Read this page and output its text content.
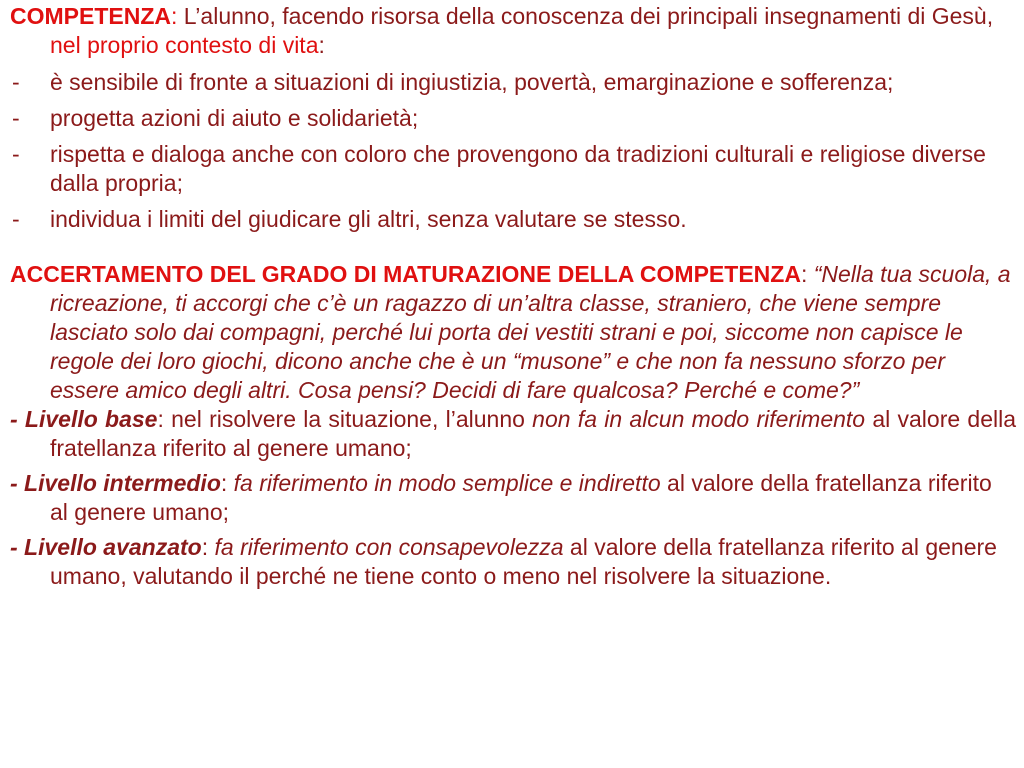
COMPETENZA: L’alunno, facendo risorsa della conoscenza dei principali insegnamenti di Gesù, nel proprio contesto di vita:

- è sensibile di fronte a situazioni di ingiustizia, povertà, emarginazione e sofferenza;
- progetta azioni di aiuto e solidarietà;
- rispetta e dialoga anche con coloro che provengono da tradizioni culturali e religiose diverse dalla propria;
- individua i limiti del giudicare gli altri, senza valutare se stesso.

ACCERTAMENTO DEL GRADO DI MATURAZIONE DELLA COMPETENZA: “Nella tua scuola, a ricreazione, ti accorgi che c’è un ragazzo di un’altra classe, straniero, che viene sempre lasciato solo dai compagni, perché lui porta dei vestiti strani e poi, siccome non capisce le regole dei loro giochi, dicono anche che è un “musone” e che non fa nessuno sforzo per essere amico degli altri. Cosa pensi? Decidi di fare qualcosa? Perché e come?”

- Livello base: nel risolvere la situazione, l’alunno non fa in alcun modo riferimento al valore della fratellanza riferito al genere umano;

- Livello intermedio: fa riferimento in modo semplice e indiretto al valore della fratellanza riferito al genere umano;

- Livello avanzato: fa riferimento con consapevolezza al valore della fratellanza riferito al genere umano, valutando il perché ne tiene conto o meno nel risolvere la situazione.
